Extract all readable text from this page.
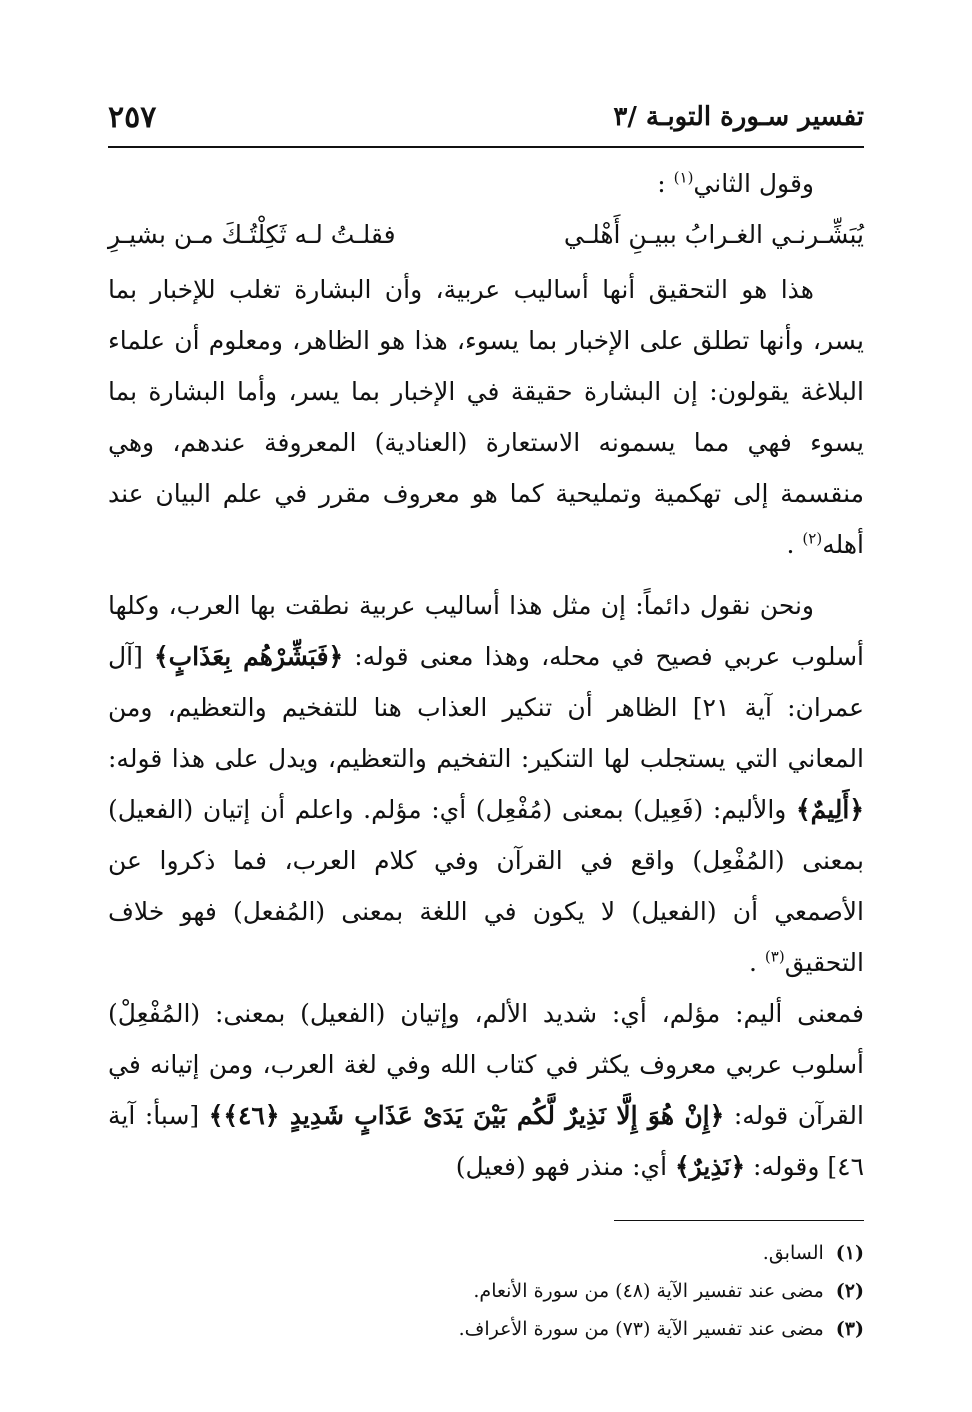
تفسير سـورة التوبـة /٣
٢٥٧

وقول الثاني$^{(١)}$ :

فقلـتُ لـه ثَكِلْتُـكَ مـن بشيـرِ	يُبَشِّـرنـي الغـرابُ ببيـنِ أَهْلـي

هذا هو التحقيق أنها أساليب عربية، وأن البشارة تغلب للإخبار بما يسر، وأنها تطلق على الإخبار بما يسوء، هذا هو الظاهر، ومعلوم أن علماء البلاغة يقولون: إن البشارة حقيقة في الإخبار بما يسر، وأما البشارة بما يسوء فهي مما يسمونه الاستعارة (العنادية) المعروفة عندهم، وهي منقسمة إلى تهكمية وتمليحية كما هو معروف مقرر في علم البيان عند أهله$^{(٢)}$ .

ونحن نقول دائماً: إن مثل هذا أساليب عربية نطقت بها العرب، وكلها أسلوب عربي فصيح في محله، وهذا معنى قوله: ﴿فَبَشِّرْهُم بِعَذَابٍ﴾ [آل عمران: آية ٢١] الظاهر أن تنكير العذاب هنا للتفخيم والتعظيم، ومن المعاني التي يستجلب لها التنكير: التفخيم والتعظيم، ويدل على هذا قوله: ﴿أَلِيمٌ﴾ والأليم: (فَعِيل) بمعنى (مُفْعِل) أي: مؤلم. واعلم أن إتيان (الفعيل) بمعنى (المُفْعِل) واقع في القرآن وفي كلام العرب، فما ذكروا عن الأصمعي أن (الفعيل) لا يكون في اللغة بمعنى (المُفعل) فهو خلاف التحقيق$^{(٣)}$ .

فمعنى أليم: مؤلم، أي: شديد الألم، وإتيان (الفعيل) بمعنى: (المُفْعِلْ) أسلوب عربي معروف يكثر في كتاب الله وفي لغة العرب، ومن إتيانه في القرآن قوله: ﴿إِنْ هُوَ إِلَّا نَذِيرٌ لَّكُم بَيْنَ يَدَىْ عَذَابٍ شَدِيدٍ ﴿٤٦﴾﴾ [سبأ: آية ٤٦] وقوله: ﴿نَذِيرٌ﴾ أي: منذر فهو (فعيل)

(١)السابق.
(٢)مضى عند تفسير الآية (٤٨) من سورة الأنعام.
(٣)مضى عند تفسير الآية (٧٣) من سورة الأعراف.
